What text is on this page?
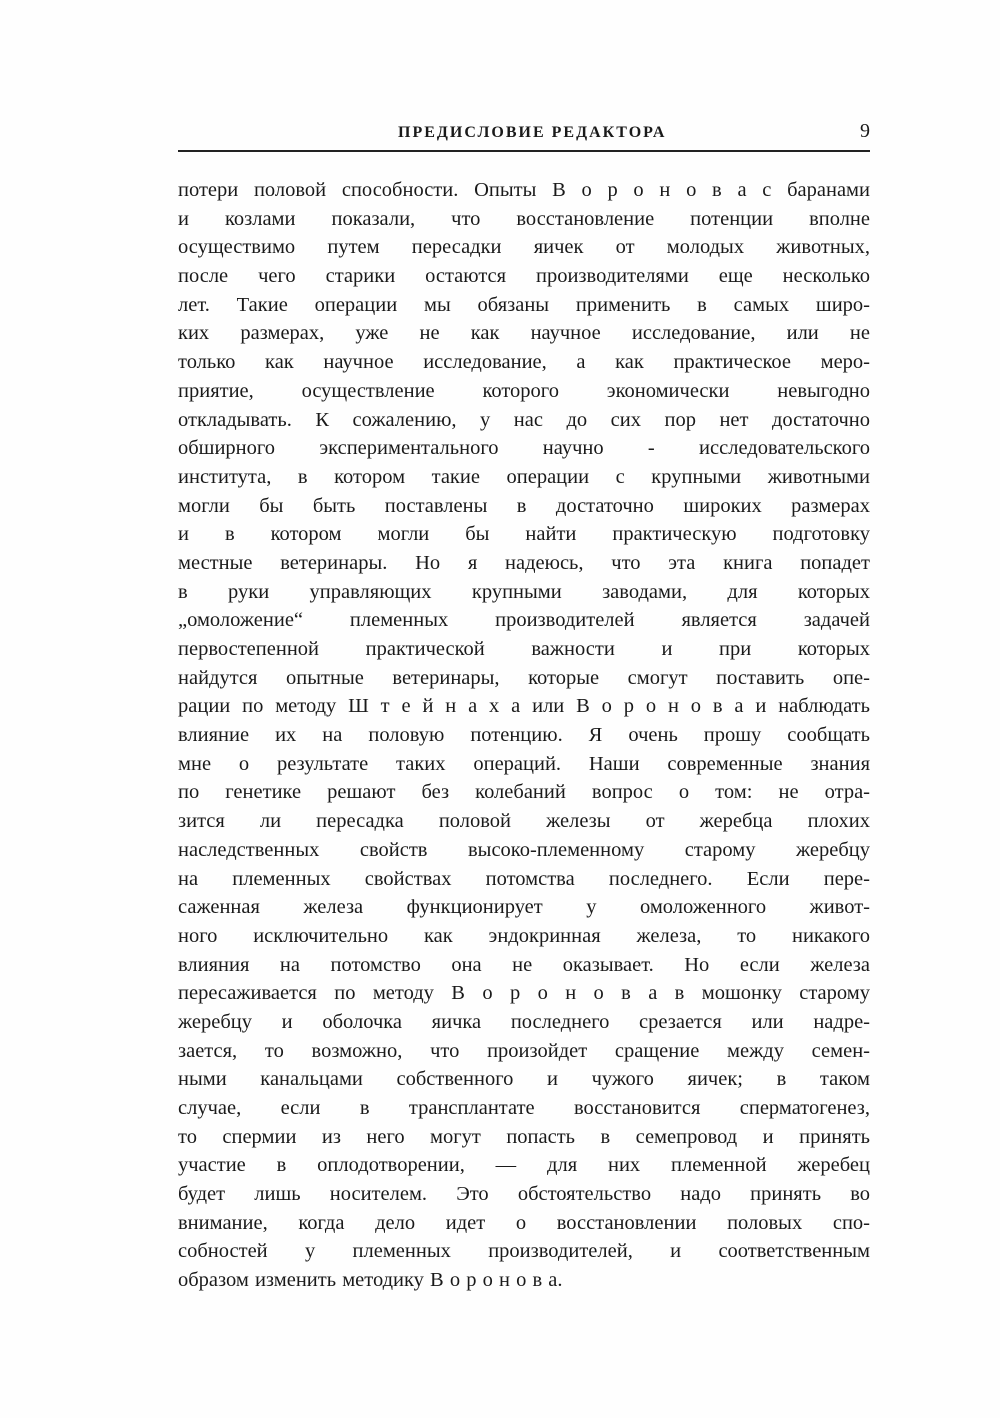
ПРЕДИСЛОВИЕ РЕДАКТОРА	9
потери половой способности. Опыты В о р о н о в а с баранами
и козлами показали, что восстановление потенции вполне
осуществимо путем пересадки яичек от молодых животных,
после чего старики остаются производителями еще несколько
лет. Такие операции мы обязаны применить в самых широ-
ких размерах, уже не как научное исследование, или не
только как научное исследование, а как практическое меро-
приятие, осуществление которого экономически невыгодно
откладывать. К сожалению, у нас до сих пор нет достаточно
обширного экспериментального научно - исследовательского
института, в котором такие операции с крупными животными
могли бы быть поставлены в достаточно широких размерах
и в котором могли бы найти практическую подготовку
местные ветеринары. Но я надеюсь, что эта книга попадет
в руки управляющих крупными заводами, для которых
„омоложение“ племенных производителей является задачей
первостепенной практической важности и при которых
найдутся опытные ветеринары, которые смогут поставить опе-
рации по методу Ш т е й н а х а или В о р о н о в а и наблюдать
влияние их на половую потенцию. Я очень прошу сообщать
мне о результате таких операций. Наши современные знания
по генетике решают без колебаний вопрос о том: не отра-
зится ли пересадка половой железы от жеребца плохих
наследственных свойств высоко-племенному старому жеребцу
на племенных свойствах потомства последнего. Если пере-
саженная железа функционирует у омоложенного живот-
ного исключительно как эндокринная железа, то никакого
влияния на потомство она не оказывает. Но если железа
пересаживается по методу В о р о н о в а в мошонку старому
жеребцу и оболочка яичка последнего срезается или надре-
зается, то возможно, что произойдет сращение между семен-
ными канальцами собственного и чужого яичек; в таком
случае, если в трансплантате восстановится сперматогенез,
то спермии из него могут попасть в семепровод и принять
участие в оплодотворении, — для них племенной жеребец
будет лишь носителем. Это обстоятельство надо принять во
внимание, когда дело идет о восстановлении половых спо-
собностей у племенных производителей, и соответственным
образом изменить методику В о р о н о в а.
